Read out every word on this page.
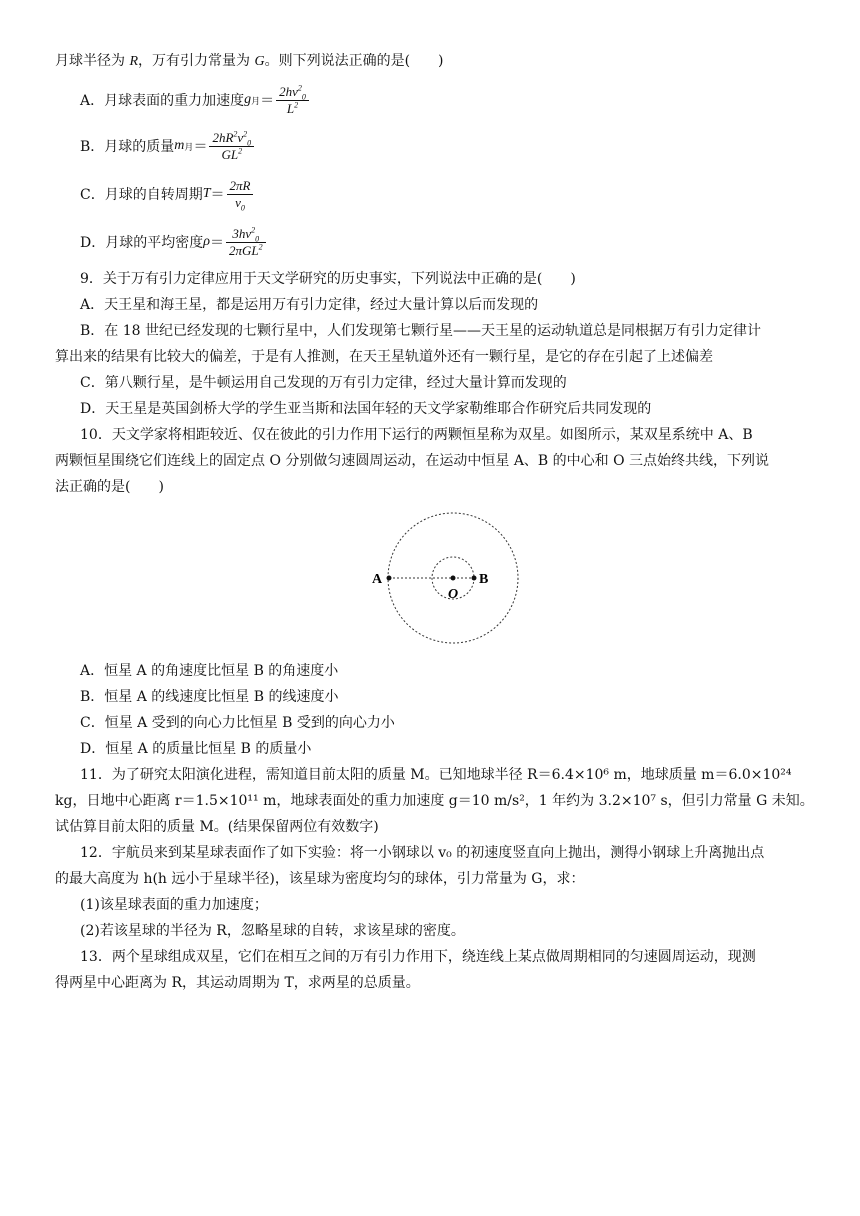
月球半径为 R，万有引力常量为 G。则下列说法正确的是(　　)
A．月球表面的重力加速度 g 月 ＝ $\frac{2hv^2_0}{L^2}$
B．月球的质量 m 月 ＝ $\frac{2hR^2v^2_0}{GL^2}$
C．月球的自转周期 $T = \frac{2\pi R}{v_0}$
D．月球的平均密度 $\rho = \frac{3hv^2_0}{2\pi GL^2}$
9．关于万有引力定律应用于天文学研究的历史事实，下列说法中正确的是(　　)
A．天王星和海王星，都是运用万有引力定律，经过大量计算以后而发现的
B．在 18 世纪已经发现的七颗行星中，人们发现第七颗行星——天王星的运动轨道总是同根据万有引力定律计
算出来的结果有比较大的偏差，于是有人推测，在天王星轨道外还有一颗行星，是它的存在引起了上述偏差
C．第八颗行星，是牛顿运用自己发现的万有引力定律，经过大量计算而发现的
D．天王星是英国剑桥大学的学生亚当斯和法国年轻的天文学家勒维耶合作研究后共同发现的
10．天文学家将相距较近、仅在彼此的引力作用下运行的两颗恒星称为双星。如图所示，某双星系统中 A、B
两颗恒星围绕它们连线上的固定点 O 分别做匀速圆周运动，在运动中恒星 A、B 的中心和 O 三点始终共线，下列说
法正确的是(　　)
A	B
O
A．恒星 A 的角速度比恒星 B 的角速度小
B．恒星 A 的线速度比恒星 B 的线速度小
C．恒星 A 受到的向心力比恒星 B 受到的向心力小
D．恒星 A 的质量比恒星 B 的质量小
11．为了研究太阳演化进程，需知道目前太阳的质量 M。已知地球半径 R＝6.4×10⁶ m，地球质量 m＝6.0×10²⁴
kg，日地中心距离 r＝1.5×10¹¹ m，地球表面处的重力加速度 g＝10 m/s²，1 年约为 3.2×10⁷ s，但引力常量 G 未知。
试估算目前太阳的质量 M。(结果保留两位有效数字)
12．宇航员来到某星球表面作了如下实验：将一小钢球以 v₀ 的初速度竖直向上抛出，测得小钢球上升离抛出点
的最大高度为 h(h 远小于星球半径)，该星球为密度均匀的球体，引力常量为 G，求：
(1)该星球表面的重力加速度；
(2)若该星球的半径为 R，忽略星球的自转，求该星球的密度。
13．两个星球组成双星，它们在相互之间的万有引力作用下，绕连线上某点做周期相同的匀速圆周运动，现测
得两星中心距离为 R，其运动周期为 T，求两星的总质量。
